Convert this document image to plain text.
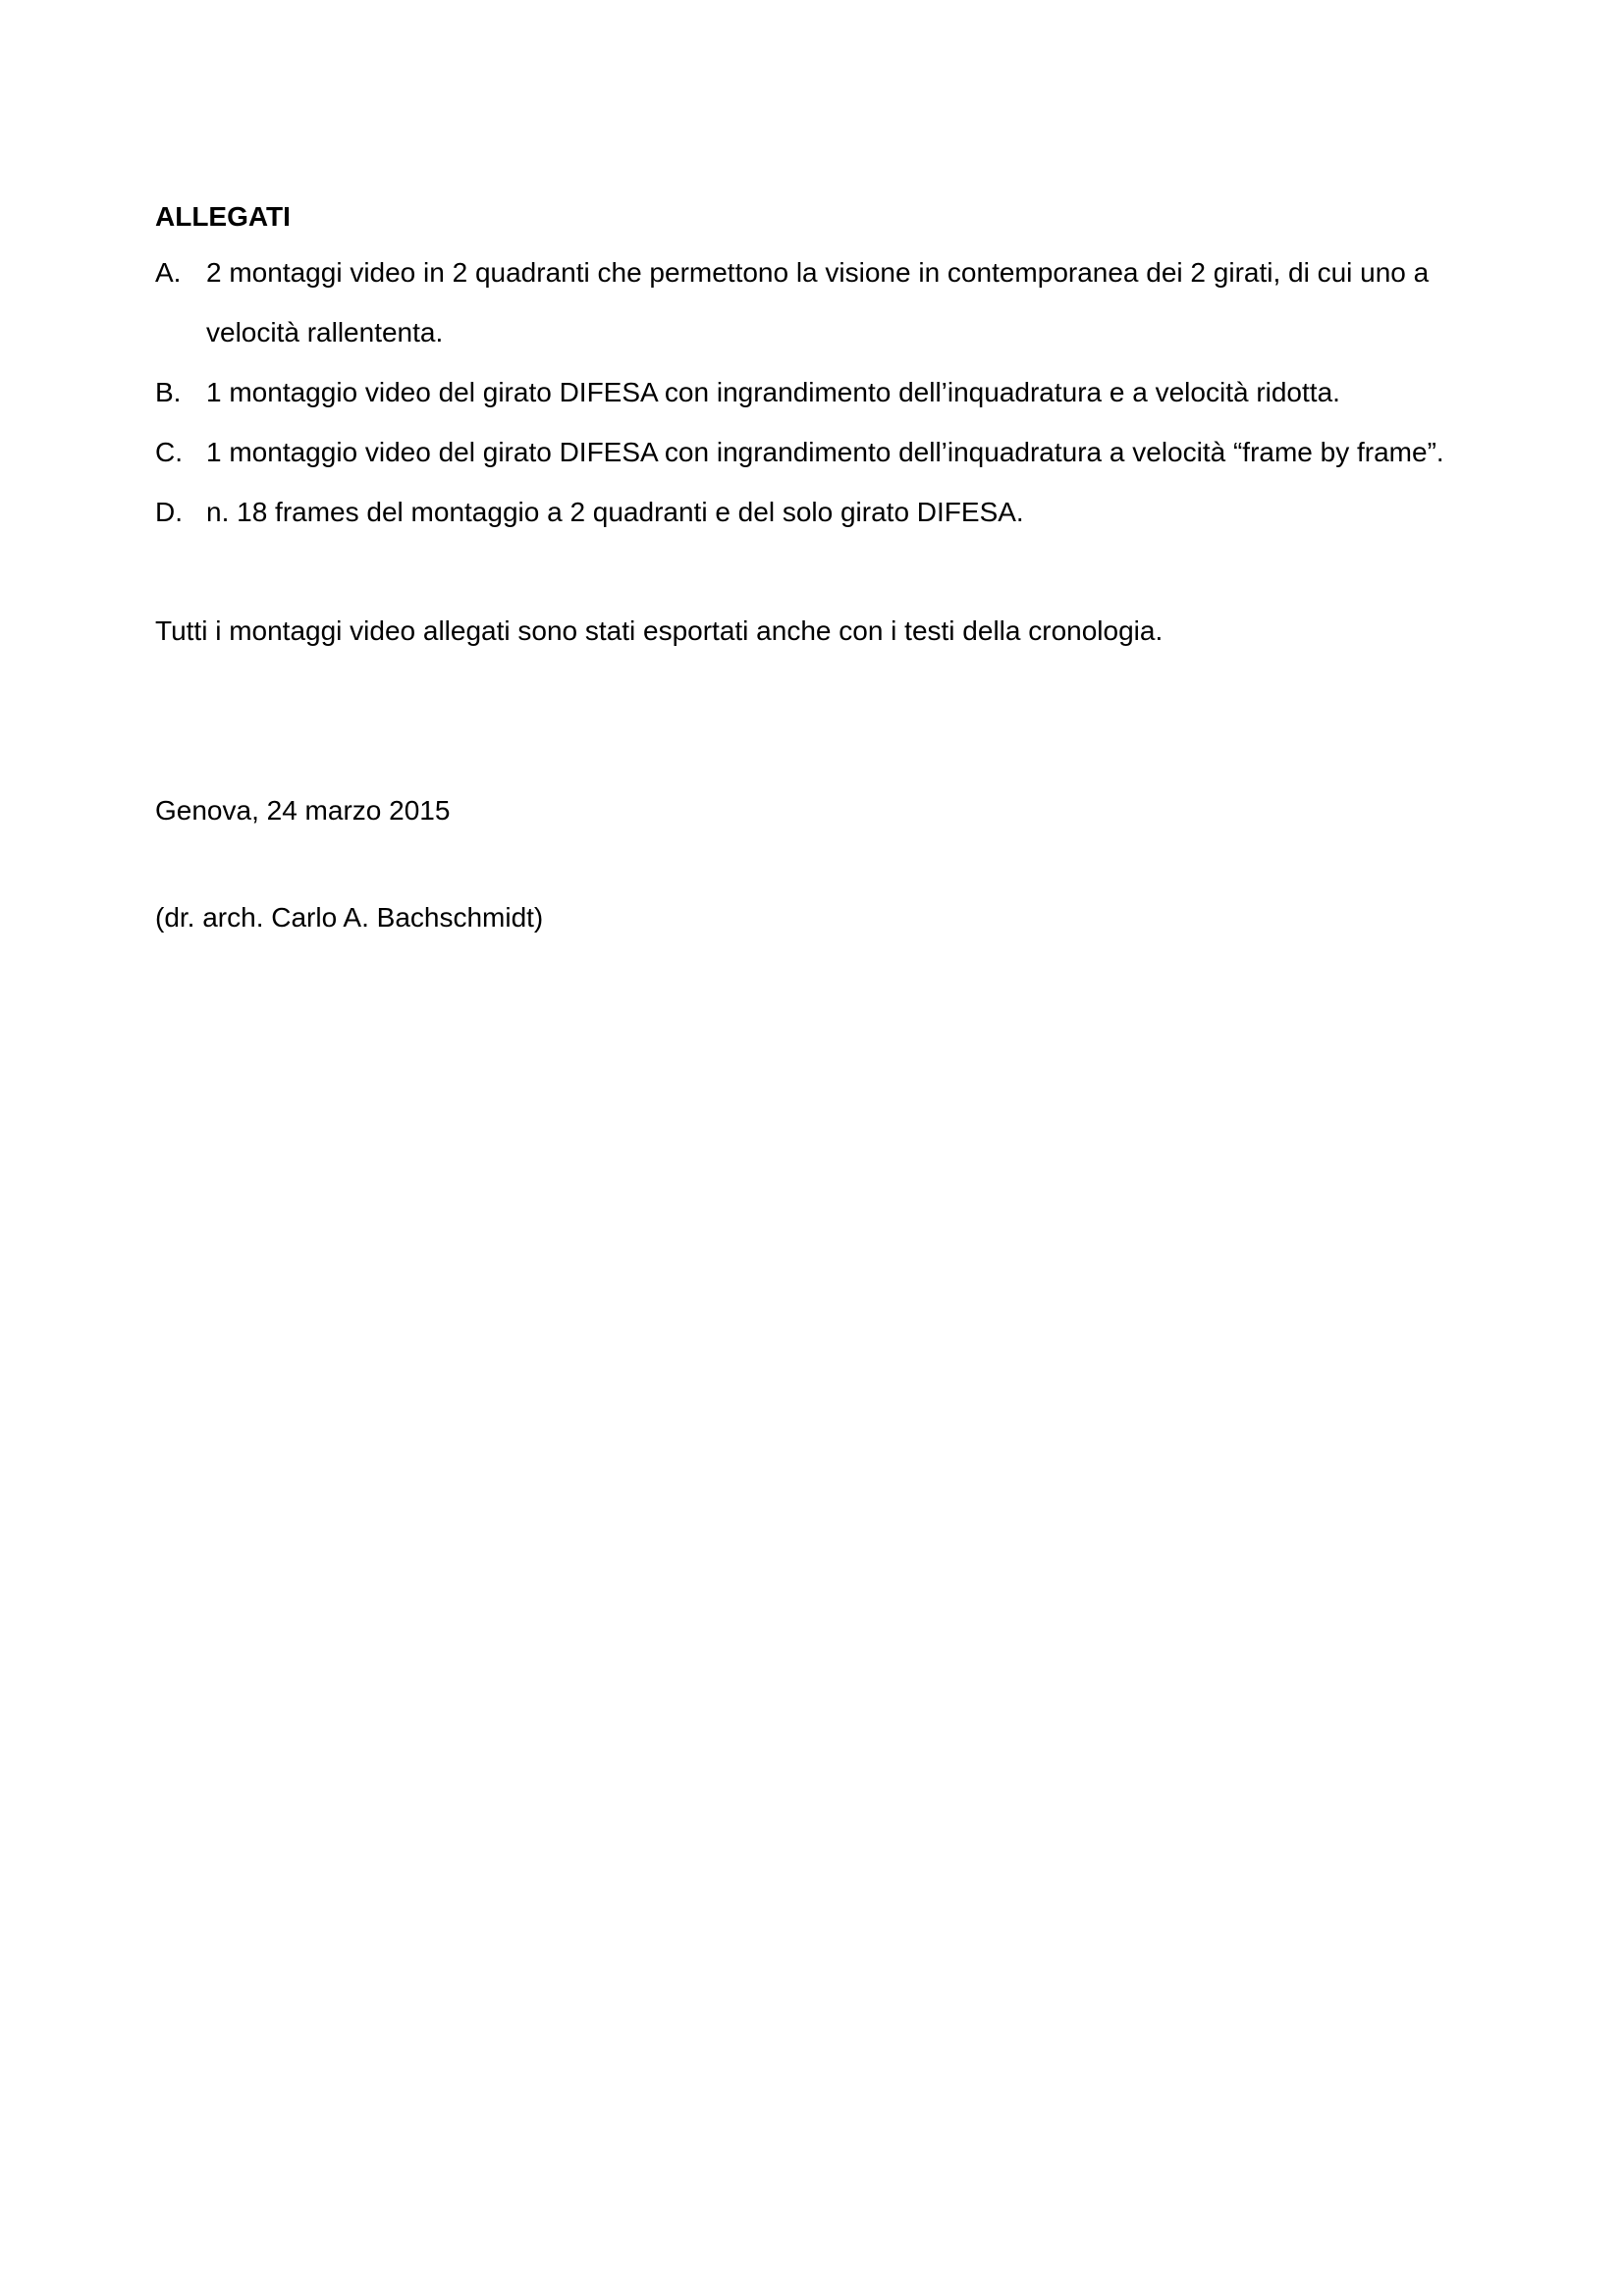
ALLEGATI

A. 2 montaggi video in 2 quadranti che permettono la visione in contemporanea dei 2 girati, di cui uno a velocità rallententa.
B. 1 montaggio video del girato DIFESA con ingrandimento dell’inquadratura e a velocità ridotta.
C. 1 montaggio video del girato DIFESA con ingrandimento dell’inquadratura a velocità “frame by frame”.
D. n. 18 frames del montaggio a 2 quadranti e del solo girato DIFESA.

Tutti i montaggi video allegati sono stati esportati anche con i testi della cronologia.

Genova, 24 marzo 2015

(dr. arch. Carlo A. Bachschmidt)
